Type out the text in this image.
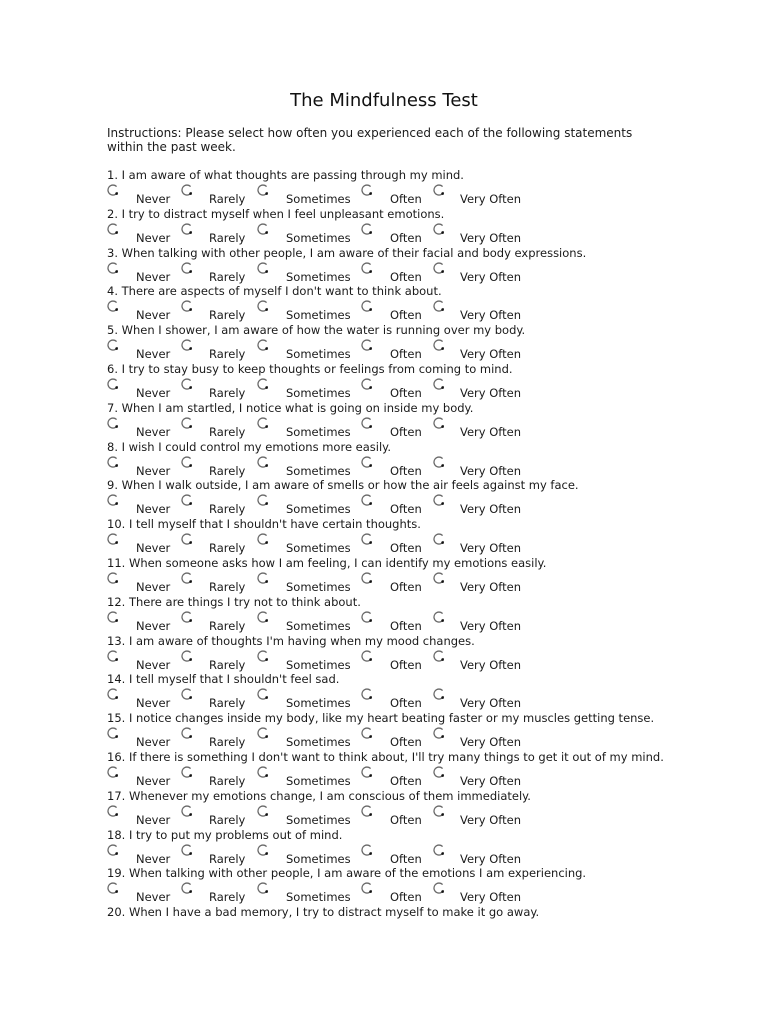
The Mindfulness Test
Instructions: Please select how often you experienced each of the following statements within the past week.
1. I am aware of what thoughts are passing through my mind.
Never	Rarely	Sometimes	Often	Very Often
2. I try to distract myself when I feel unpleasant emotions.
Never	Rarely	Sometimes	Often	Very Often
3. When talking with other people, I am aware of their facial and body expressions.
Never	Rarely	Sometimes	Often	Very Often
4. There are aspects of myself I don't want to think about.
Never	Rarely	Sometimes	Often	Very Often
5. When I shower, I am aware of how the water is running over my body.
Never	Rarely	Sometimes	Often	Very Often
6. I try to stay busy to keep thoughts or feelings from coming to mind.
Never	Rarely	Sometimes	Often	Very Often
7. When I am startled, I notice what is going on inside my body.
Never	Rarely	Sometimes	Often	Very Often
8. I wish I could control my emotions more easily.
Never	Rarely	Sometimes	Often	Very Often
9. When I walk outside, I am aware of smells or how the air feels against my face.
Never	Rarely	Sometimes	Often	Very Often
10. I tell myself that I shouldn't have certain thoughts.
Never	Rarely	Sometimes	Often	Very Often
11. When someone asks how I am feeling, I can identify my emotions easily.
Never	Rarely	Sometimes	Often	Very Often
12. There are things I try not to think about.
Never	Rarely	Sometimes	Often	Very Often
13. I am aware of thoughts I'm having when my mood changes.
Never	Rarely	Sometimes	Often	Very Often
14. I tell myself that I shouldn't feel sad.
Never	Rarely	Sometimes	Often	Very Often
15. I notice changes inside my body, like my heart beating faster or my muscles getting tense.
Never	Rarely	Sometimes	Often	Very Often
16. If there is something I don't want to think about, I'll try many things to get it out of my mind.
Never	Rarely	Sometimes	Often	Very Often
17. Whenever my emotions change, I am conscious of them immediately.
Never	Rarely	Sometimes	Often	Very Often
18. I try to put my problems out of mind.
Never	Rarely	Sometimes	Often	Very Often
19. When talking with other people, I am aware of the emotions I am experiencing.
Never	Rarely	Sometimes	Often	Very Often
20. When I have a bad memory, I try to distract myself to make it go away.
